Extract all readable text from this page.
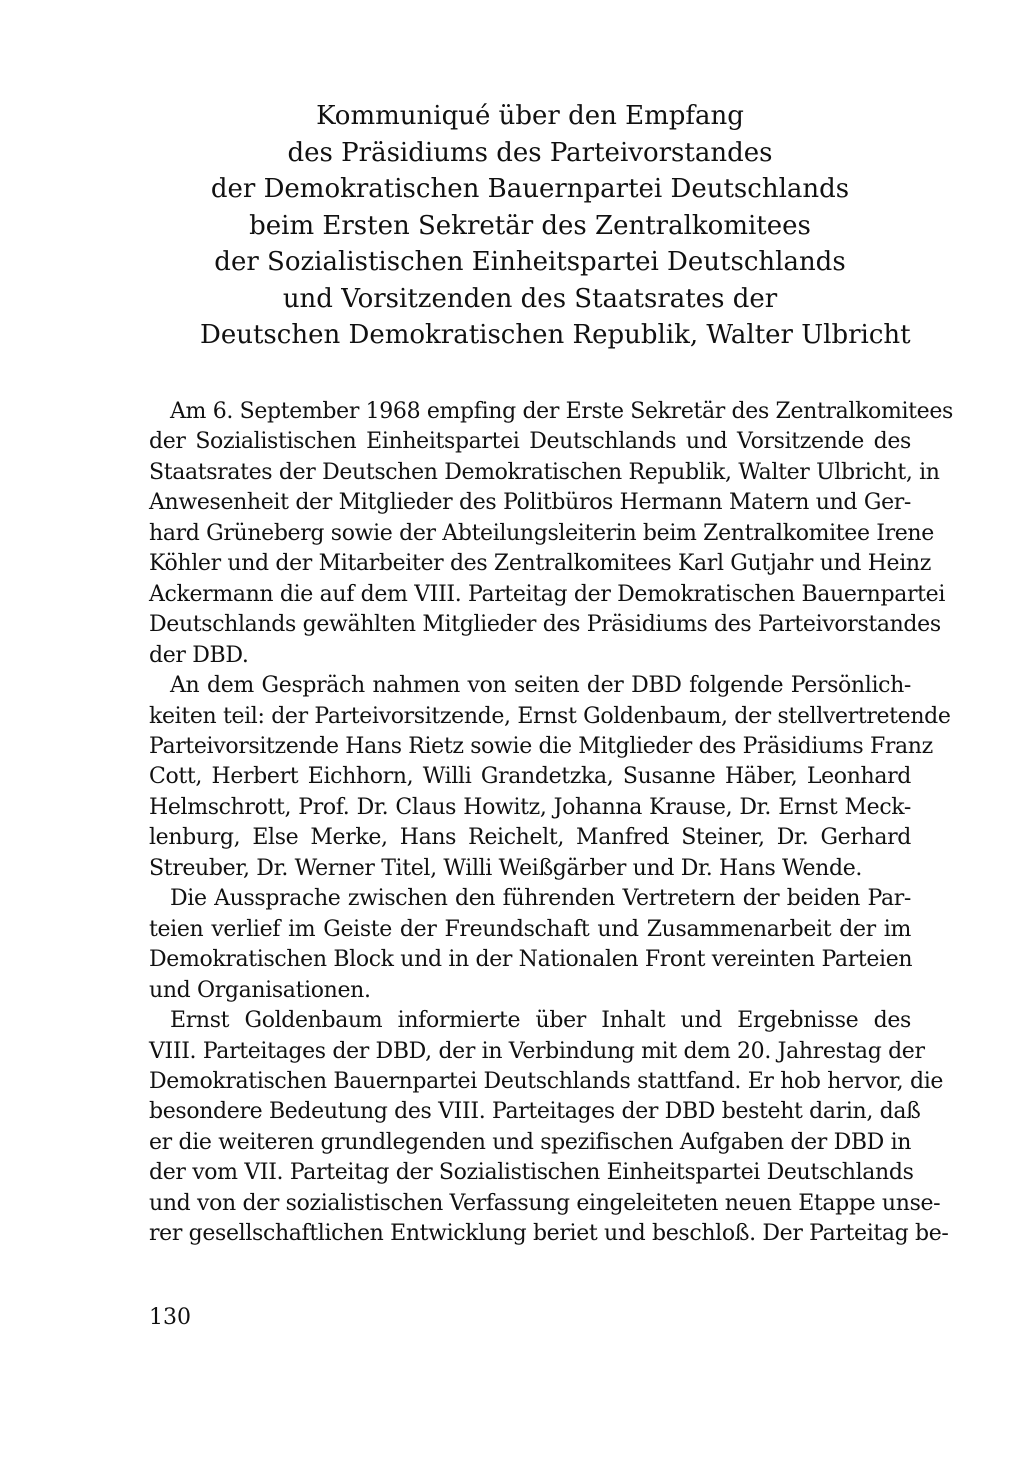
Kommuniqué über den Empfang
des Präsidiums des Parteivorstandes
der Demokratischen Bauernpartei Deutschlands
beim Ersten Sekretär des Zentralkomitees
der Sozialistischen Einheitspartei Deutschlands
und Vorsitzenden des Staatsrates der
Deutschen Demokratischen Republik, Walter Ulbricht

Am 6. September 1968 empfing der Erste Sekretär des Zentralkomitees
der Sozialistischen Einheitspartei Deutschlands und Vorsitzende des
Staatsrates der Deutschen Demokratischen Republik, Walter Ulbricht, in
Anwesenheit der Mitglieder des Politbüros Hermann Matern und Ger-
hard Grüneberg sowie der Abteilungsleiterin beim Zentralkomitee Irene
Köhler und der Mitarbeiter des Zentralkomitees Karl Gutjahr und Heinz
Ackermann die auf dem VIII. Parteitag der Demokratischen Bauernpartei
Deutschlands gewählten Mitglieder des Präsidiums des Parteivorstandes
der DBD.

An dem Gespräch nahmen von seiten der DBD folgende Persönlich-
keiten teil: der Parteivorsitzende, Ernst Goldenbaum, der stellvertretende
Parteivorsitzende Hans Rietz sowie die Mitglieder des Präsidiums Franz
Cott, Herbert Eichhorn, Willi Grandetzka, Susanne Häber, Leonhard
Helmschrott, Prof. Dr. Claus Howitz, Johanna Krause, Dr. Ernst Meck-
lenburg, Else Merke, Hans Reichelt, Manfred Steiner, Dr. Gerhard
Streuber, Dr. Werner Titel, Willi Weißgärber und Dr. Hans Wende.

Die Aussprache zwischen den führenden Vertretern der beiden Par-
teien verlief im Geiste der Freundschaft und Zusammenarbeit der im
Demokratischen Block und in der Nationalen Front vereinten Parteien
und Organisationen.

Ernst Goldenbaum informierte über Inhalt und Ergebnisse des
VIII. Parteitages der DBD, der in Verbindung mit dem 20. Jahrestag der
Demokratischen Bauernpartei Deutschlands stattfand. Er hob hervor, die
besondere Bedeutung des VIII. Parteitages der DBD besteht darin, daß
er die weiteren grundlegenden und spezifischen Aufgaben der DBD in
der vom VII. Parteitag der Sozialistischen Einheitspartei Deutschlands
und von der sozialistischen Verfassung eingeleiteten neuen Etappe unse-
rer gesellschaftlichen Entwicklung beriet und beschloß. Der Parteitag be-

130
